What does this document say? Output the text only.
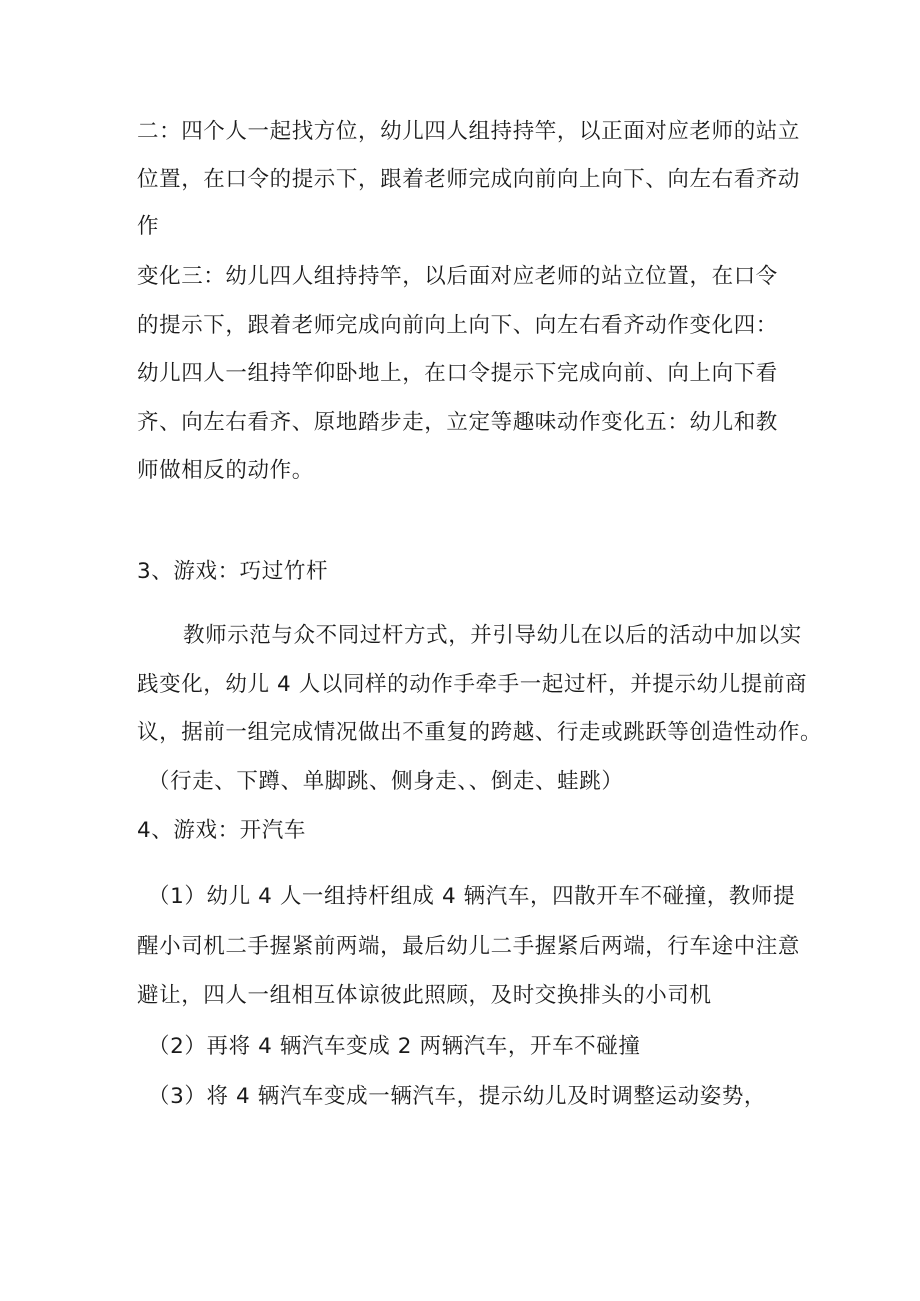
二：四个人一起找方位，幼儿四人组持持竿，以正面对应老师的站立
位置，在口令的提示下，跟着老师完成向前向上向下、向左右看齐动
作
变化三：幼儿四人组持持竿，以后面对应老师的站立位置，在口令
的提示下，跟着老师完成向前向上向下、向左右看齐动作变化四：
幼儿四人一组持竿仰卧地上，在口令提示下完成向前、向上向下看
齐、向左右看齐、原地踏步走，立定等趣味动作变化五：幼儿和教
师做相反的动作。
3、游戏：巧过竹杆
教师示范与众不同过杆方式，并引导幼儿在以后的活动中加以实
践变化，幼儿 4 人以同样的动作手牵手一起过杆，并提示幼儿提前商
议，据前一组完成情况做出不重复的跨越、行走或跳跃等创造性动作。
（行走、下蹲、单脚跳、侧身走、、倒走、蛙跳）
4、游戏：开汽车
（1）幼儿 4 人一组持杆组成 4 辆汽车，四散开车不碰撞，教师提
醒小司机二手握紧前两端，最后幼儿二手握紧后两端，行车途中注意
避让，四人一组相互体谅彼此照顾，及时交换排头的小司机
（2）再将 4 辆汽车变成 2 两辆汽车，开车不碰撞
（3）将 4 辆汽车变成一辆汽车，提示幼儿及时调整运动姿势，
